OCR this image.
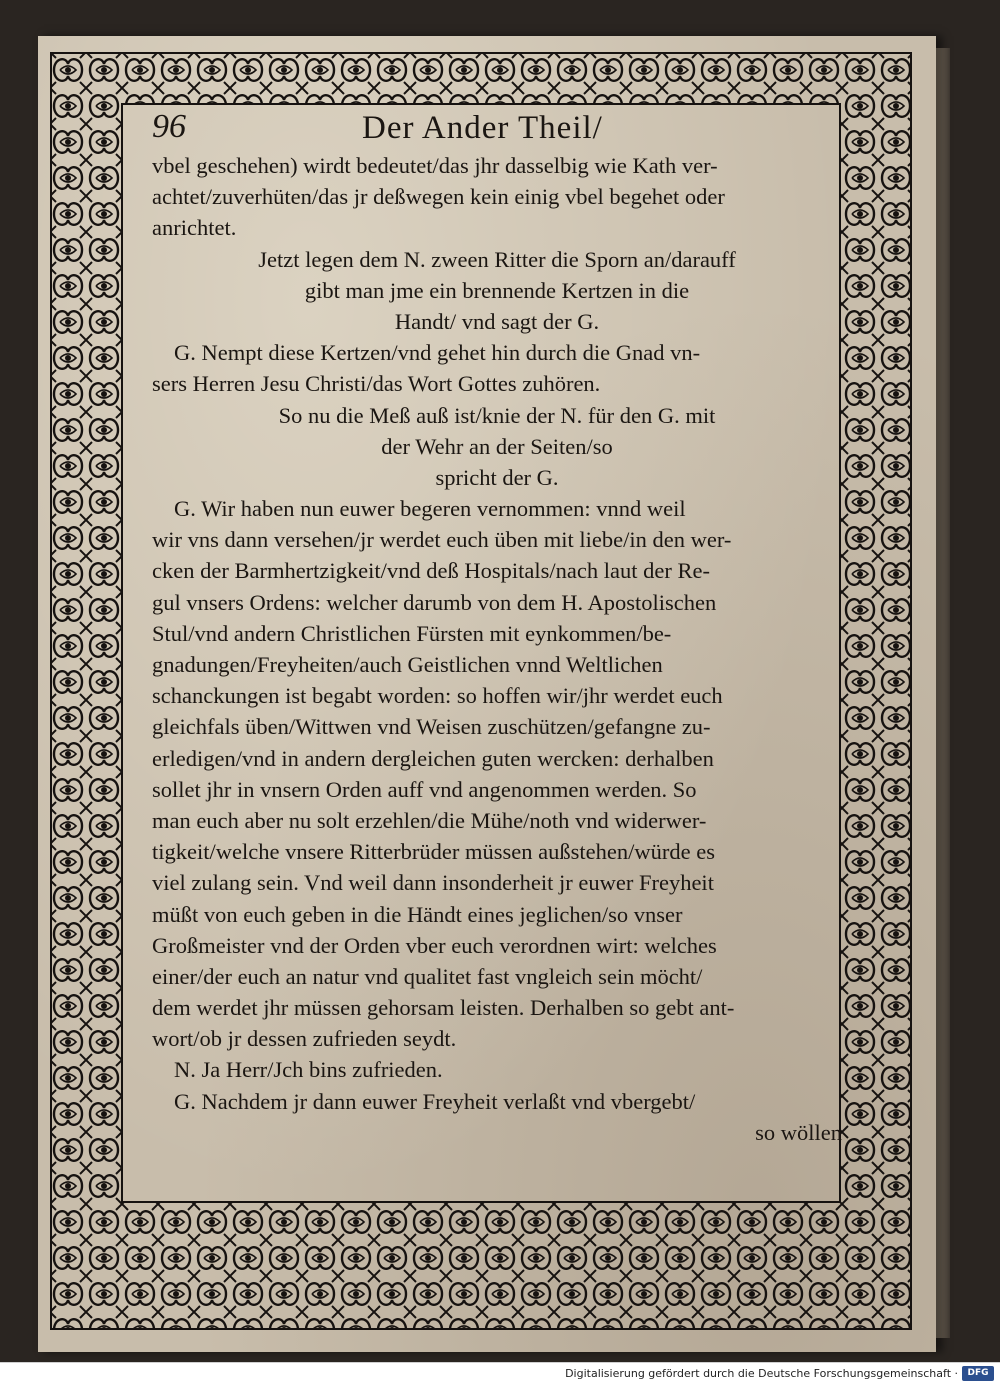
96	Der Ander Theil/
vbel geschehen) wirdt bedeutet/das jhr dasselbig wie Kath ver-
achtet/zuverhüten/das jr deßwegen kein einig vbel begehet oder
anrichtet.
Jetzt legen dem N. zween Ritter die Sporn an/darauff
gibt man jme ein brennende Kertzen in die
Handt/ vnd sagt der G.
G. Nempt diese Kertzen/vnd gehet hin durch die Gnad vn-
sers Herren Jesu Christi/das Wort Gottes zuhören.
So nu die Meß auß ist/knie der N. für den G. mit
der Wehr an der Seiten/so
spricht der G.
G. Wir haben nun euwer begeren vernommen: vnnd weil
wir vns dann versehen/jr werdet euch üben mit liebe/in den wer-
cken der Barmhertzigkeit/vnd deß Hospitals/nach laut der Re-
gul vnsers Ordens: welcher darumb von dem H. Apostolischen
Stul/vnd andern Christlichen Fürsten mit eynkommen/be-
gnadungen/Freyheiten/auch Geistlichen vnnd Weltlichen
schanckungen ist begabt worden: so hoffen wir/jhr werdet euch
gleichfals üben/Wittwen vnd Weisen zuschützen/gefangne zu-
erledigen/vnd in andern dergleichen guten wercken: derhalben
sollet jhr in vnsern Orden auff vnd angenommen werden. So
man euch aber nu solt erzehlen/die Mühe/noth vnd widerwer-
tigkeit/welche vnsere Ritterbrüder müssen außstehen/würde es
viel zulang sein. Vnd weil dann insonderheit jr euwer Freyheit
müßt von euch geben in die Händt eines jeglichen/so vnser
Großmeister vnd der Orden vber euch verordnen wirt: welches
einer/der euch an natur vnd qualitet fast vngleich sein möcht/
dem werdet jhr müssen gehorsam leisten. Derhalben so gebt ant-
wort/ob jr dessen zufrieden seydt.
N. Ja Herr/Jch bins zufrieden.
G. Nachdem jr dann euwer Freyheit verlaßt vnd vbergebt/
so wöllen
Digitalisierung gefördert durch die Deutsche Forschungsgemeinschaft ·	DFG
